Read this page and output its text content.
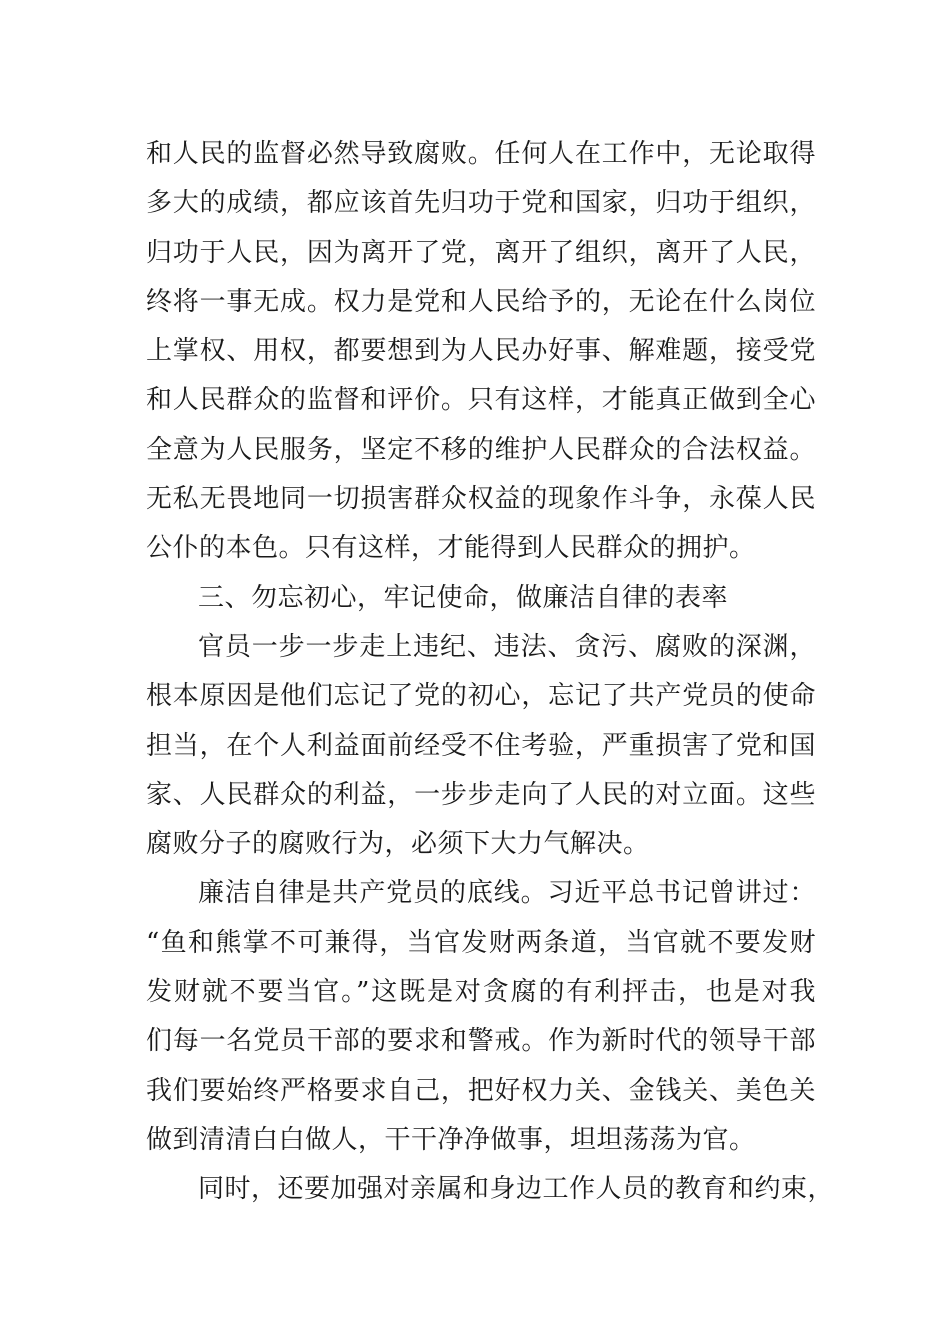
和人民的监督必然导致腐败。任何人在工作中，无论取得
多大的成绩，都应该首先归功于党和国家，归功于组织，
归功于人民，因为离开了党，离开了组织，离开了人民，
终将一事无成。权力是党和人民给予的，无论在什么岗位
上掌权、用权，都要想到为人民办好事、解难题，接受党
和人民群众的监督和评价。只有这样，才能真正做到全心
全意为人民服务，坚定不移的维护人民群众的合法权益。
无私无畏地同一切损害群众权益的现象作斗争，永葆人民
公仆的本色。只有这样，才能得到人民群众的拥护。
三、勿忘初心，牢记使命，做廉洁自律的表率
官员一步一步走上违纪、违法、贪污、腐败的深渊，
根本原因是他们忘记了党的初心，忘记了共产党员的使命
担当，在个人利益面前经受不住考验，严重损害了党和国
家、人民群众的利益，一步步走向了人民的对立面。这些
腐败分子的腐败行为，必须下大力气解决。
廉洁自律是共产党员的底线。习近平总书记曾讲过：
“鱼和熊掌不可兼得，当官发财两条道，当官就不要发财
发财就不要当官。”这既是对贪腐的有利抨击，也是对我
们每一名党员干部的要求和警戒。作为新时代的领导干部
我们要始终严格要求自己，把好权力关、金钱关、美色关
做到清清白白做人，干干净净做事，坦坦荡荡为官。
同时，还要加强对亲属和身边工作人员的教育和约束，
